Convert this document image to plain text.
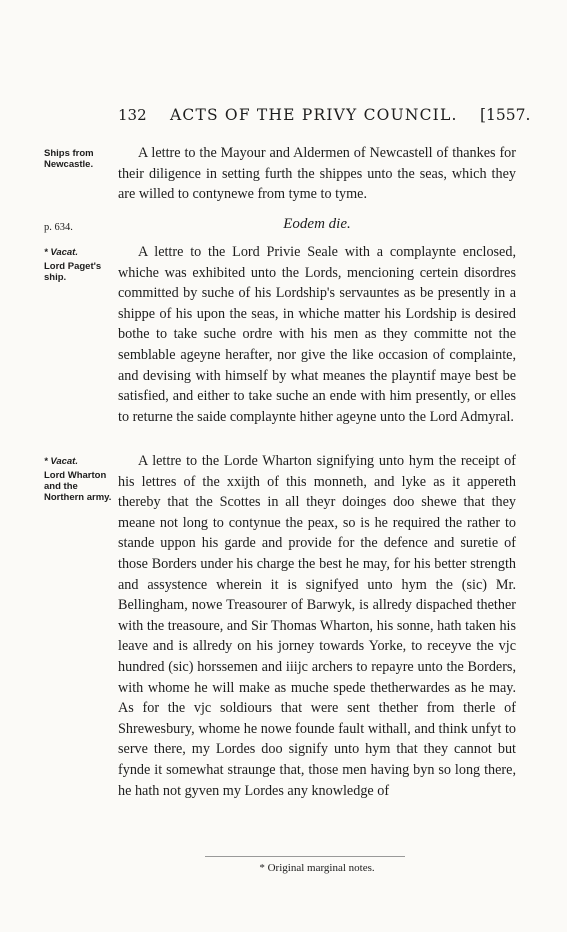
132 ACTS OF THE PRIVY COUNCIL. [1557.
Ships from Newcastle.
p. 634.
* Vacat.
Lord Paget's ship.
* Vacat.
Lord Wharton and the Northern army.

A lettre to the Mayour and Aldermen of Newcastell of thankes for their diligence in setting furth the shippes unto the seas, which they are willed to contynewe from tyme to tyme.

Eodem die.

A lettre to the Lord Privie Seale with a complaynte enclosed, whiche was exhibited unto the Lords, mencioning certein disordres committed by suche of his Lordship's servauntes as be presently in a shippe of his upon the seas, in whiche matter his Lordship is desired bothe to take suche ordre with his men as they committe not the semblable ageyne herafter, nor give the like occasion of complainte, and devising with himself by what meanes the playntif maye best be satisfied, and either to take suche an ende with him presently, or elles to returne the saide complaynte hither ageyne unto the Lord Admyral.

A lettre to the Lorde Wharton signifying unto hym the receipt of his lettres of the xxijth of this monneth, and lyke as it appereth thereby that the Scottes in all theyr doinges doo shewe that they meane not long to contynue the peax, so is he required the rather to stande uppon his garde and provide for the defence and suretie of those Borders under his charge the best he may, for his better strength and assystence wherein it is signifyed unto hym the (sic) Mr. Bellingham, nowe Treasourer of Barwyk, is allredy dispached thether with the treasoure, and Sir Thomas Wharton, his sonne, hath taken his leave and is allredy on his jorney towards Yorke, to receyve the vjc hundred (sic) horssemen and iiijc archers to repayre unto the Borders, with whome he will make as muche spede thetherwardes as he may. As for the vjc soldiours that were sent thether from therle of Shrewesbury, whome he nowe founde fault withall, and think unfyt to serve there, my Lordes doo signify unto hym that they cannot but fynde it somewhat straunge that, those men having byn so long there, he hath not gyven my Lordes any knowledge of

* Original marginal notes.
